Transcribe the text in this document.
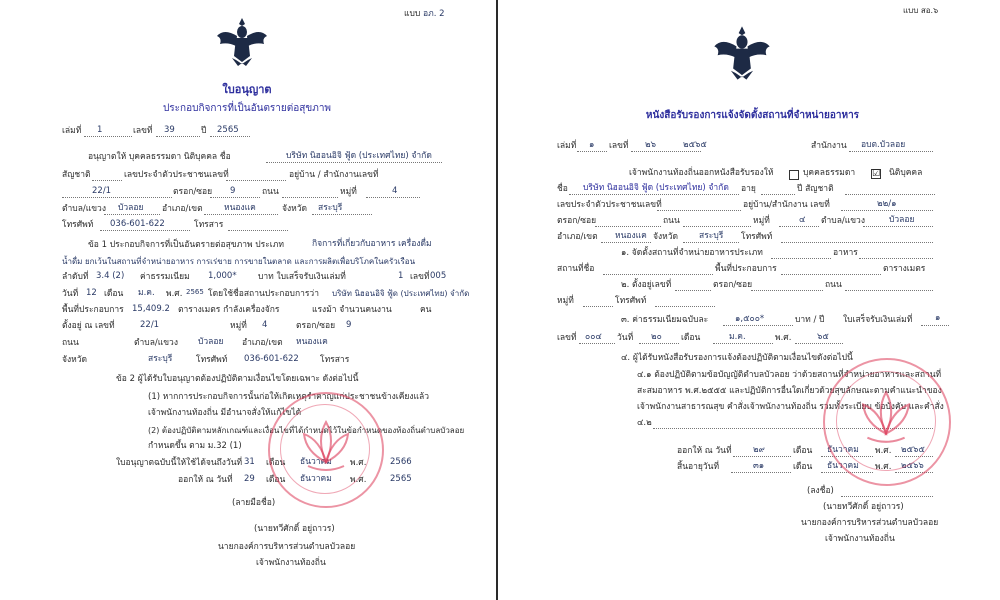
แบบ อภ. 2
ใบอนุญาต
ประกอบกิจการที่เป็นอันตรายต่อสุขภาพ
เล่มที่ 1	เลขที่ 39	ปี 2565
อนุญาตให้ บุคคลธรรมดา นิติบุคคล ชื่อ	บริษัท นิฮอนอิจิ ฟู้ด (ประเทศไทย) จำกัด
สัญชาติ	เลขประจำตัวประชาชนเลขที่	อยู่บ้าน / สำนักงานเลขที่
22/1	ตรอก/ซอย 9	ถนน	หมู่ที่	4
ตำบล/แขวง บัวลอย อำเภอ/เขต	หนองแค	จังหวัด สระบุรี
โทรศัพท์ 036-601-622	โทรสาร
ข้อ 1 ประกอบกิจการที่เป็นอันตรายต่อสุขภาพ ประเภท	กิจการที่เกี่ยวกับอาหาร เครื่องดื่ม
น้ำดื่ม ยกเว้นในสถานที่จำหน่ายอาหาร การเร่ขาย การขายในตลาด และการผลิตเพื่อบริโภคในครัวเรือน
ลำดับที่ 3.4 (2) ค่าธรรมเนียม 1,000*	บาท ใบเสร็จรับเงินเล่มที่	1 เลขที่ 005
วันที่ 12 เดือน ม.ค. พ.ศ. 2565 โดยใช้ชื่อสถานประกอบการว่า บริษัท นิฮอนอิจิ ฟู้ด (ประเทศไทย) จำกัด
พื้นที่ประกอบการ 15,409.2 ตารางเมตร กำลังเครื่องจักร	แรงม้า จำนวนคนงาน	คน
ตั้งอยู่ ณ เลขที่	22/1	หมู่ที่ 4	ตรอก/ซอย 9
ถนน	ตำบล/แขวง บัวลอย อำเภอ/เขต หนองแค
จังหวัด	สระบุรี	โทรศัพท์ 036-601-622 โทรสาร
ข้อ 2 ผู้ได้รับใบอนุญาตต้องปฏิบัติตามเงื่อนไขโดยเฉพาะ ดังต่อไปนี้
(1) หากการประกอบกิจการนั้นก่อให้เกิดเหตุรำคาญแก่ประชาชนข้างเคียงแล้ว
เจ้าพนักงานท้องถิ่น มีอำนาจสั่งให้แก้ไขได้
(2) ต้องปฏิบัติตามหลักเกณฑ์และเงื่อนไขที่ได้กำหนดไว้ในข้อกำหนดของท้องถิ่นตำบลบัวลอย
กำหนดขึ้น ตาม ม.32 (1)
ใบอนุญาตฉบับนี้ให้ใช้ได้จนถึงวันที่ 31 เดือน ธันวาคม พ.ศ.	2566
ออกให้ ณ วันที่ 29 เดือน ธันวาคม พ.ศ.	2565
(ลายมือชื่อ)
(นายทวีศักดิ์ อยู่ถาวร)
นายกองค์การบริหารส่วนตำบลบัวลอย
เจ้าพนักงานท้องถิ่น
แบบ สอ.๖
หนังสือรับรองการแจ้งจัดตั้งสถานที่จำหน่ายอาหาร
เล่มที่ ๑ เลขที่ ๒๖	๒๕๖๕	สำนักงาน อบต.บัวลอย
เจ้าพนักงานท้องถิ่นออกหนังสือรับรองให้	บุคคลธรรมดา ☑ นิติบุคคล
ชื่อ บริษัท นิฮอนอิจิ ฟู้ด (ประเทศไทย) จำกัด อายุ	ปี สัญชาติ
เลขประจำตัวประชาชนเลขที่	อยู่บ้าน/สำนักงาน เลขที่	๒๒/๑
ตรอก/ซอย	ถนน	หมู่ที่	๔ ตำบล/แขวง	บัวลอย
อำเภอ/เขต หนองแค จังหวัด สระบุรี โทรศัพท์
๑. จัดตั้งสถานที่จำหน่ายอาหารประเภท	อาหาร
สถานที่ชื่อ	พื้นที่ประกอบการ	ตารางเมตร
๒. ตั้งอยู่เลขที่	ตรอก/ซอย	ถนน
หมู่ที่	โทรศัพท์
๓. ค่าธรรมเนียมฉบับละ	๑,๕๐๐*	บาท / ปี ใบเสร็จรับเงินเล่มที่	๑
เลขที่ ๐๐๔ วันที่ ๒๐ เดือน	ม.ค.	พ.ศ.	๖๕
๔. ผู้ได้รับหนังสือรับรองการแจ้งต้องปฏิบัติตามเงื่อนไขดังต่อไปนี้
๔.๑ ต้องปฏิบัติตามข้อบัญญัติตำบลบัวลอย ว่าด้วยสถานที่จำหน่ายอาหารและสถานที่
สะสมอาหาร พ.ศ.๒๕๕๕ และปฏิบัติการอื่นใดเกี่ยวด้วยสุขลักษณะตามคำแนะนำของ
เจ้าพนักงานสาธารณสุข คำสั่งเจ้าพนักงานท้องถิ่น รวมทั้งระเบียบ ข้อบังคับ และคำสั่ง
๔.๒
ออกให้ ณ วันที่	๒๙	เดือน ธันวาคม พ.ศ. ๒๕๖๕
สิ้นอายุวันที่	๓๑	เดือน ธันวาคม พ.ศ. ๒๕๖๖
(ลงชื่อ)
(นายทวีศักดิ์ อยู่ถาวร)
นายกองค์การบริหารส่วนตำบลบัวลอย
เจ้าพนักงานท้องถิ่น
